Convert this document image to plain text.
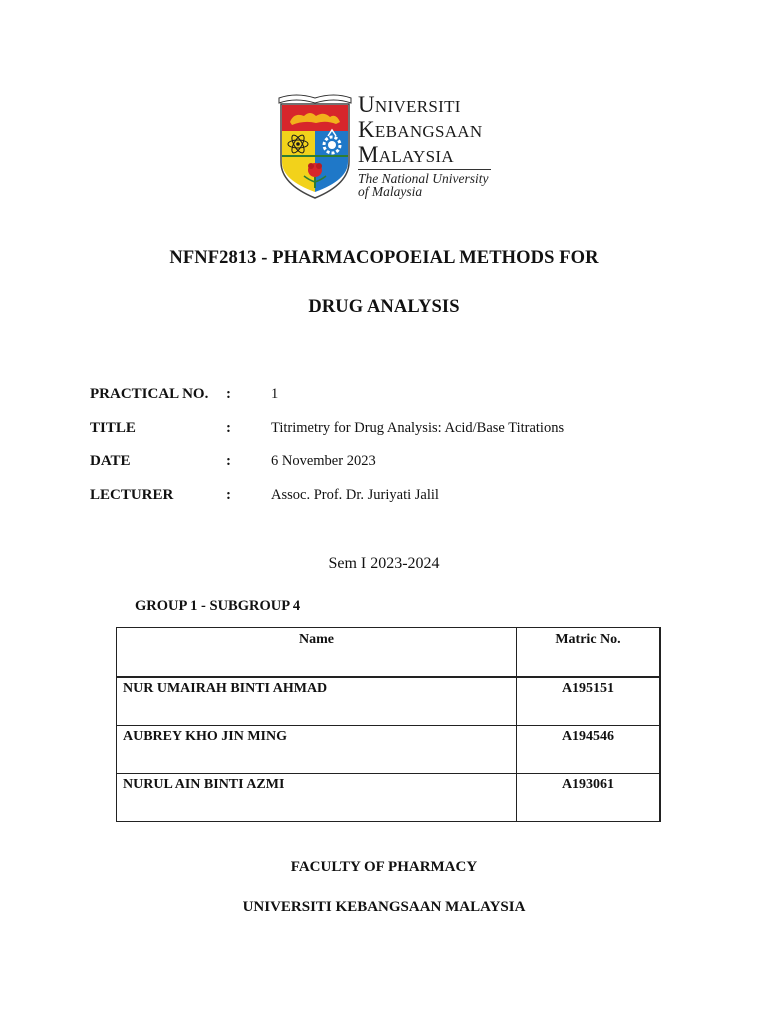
UNIVERSITI
KEBANGSAAN
MALAYSIA
The National University
of Malaysia
NFNF2813 - PHARMACOPOEIAL METHODS FOR
DRUG ANALYSIS
PRACTICAL NO. :	1
TITLE	:	Titrimetry for Drug Analysis: Acid/Base Titrations
DATE	:	6 November 2023
LECTURER	:	Assoc. Prof. Dr. Juriyati Jalil
Sem I 2023-2024
GROUP 1 - SUBGROUP 4
Name	Matric No.
NUR UMAIRAH BINTI AHMAD	A195151
AUBREY KHO JIN MING	A194546
NURUL AIN BINTI AZMI	A193061
FACULTY OF PHARMACY
UNIVERSITI KEBANGSAAN MALAYSIA
